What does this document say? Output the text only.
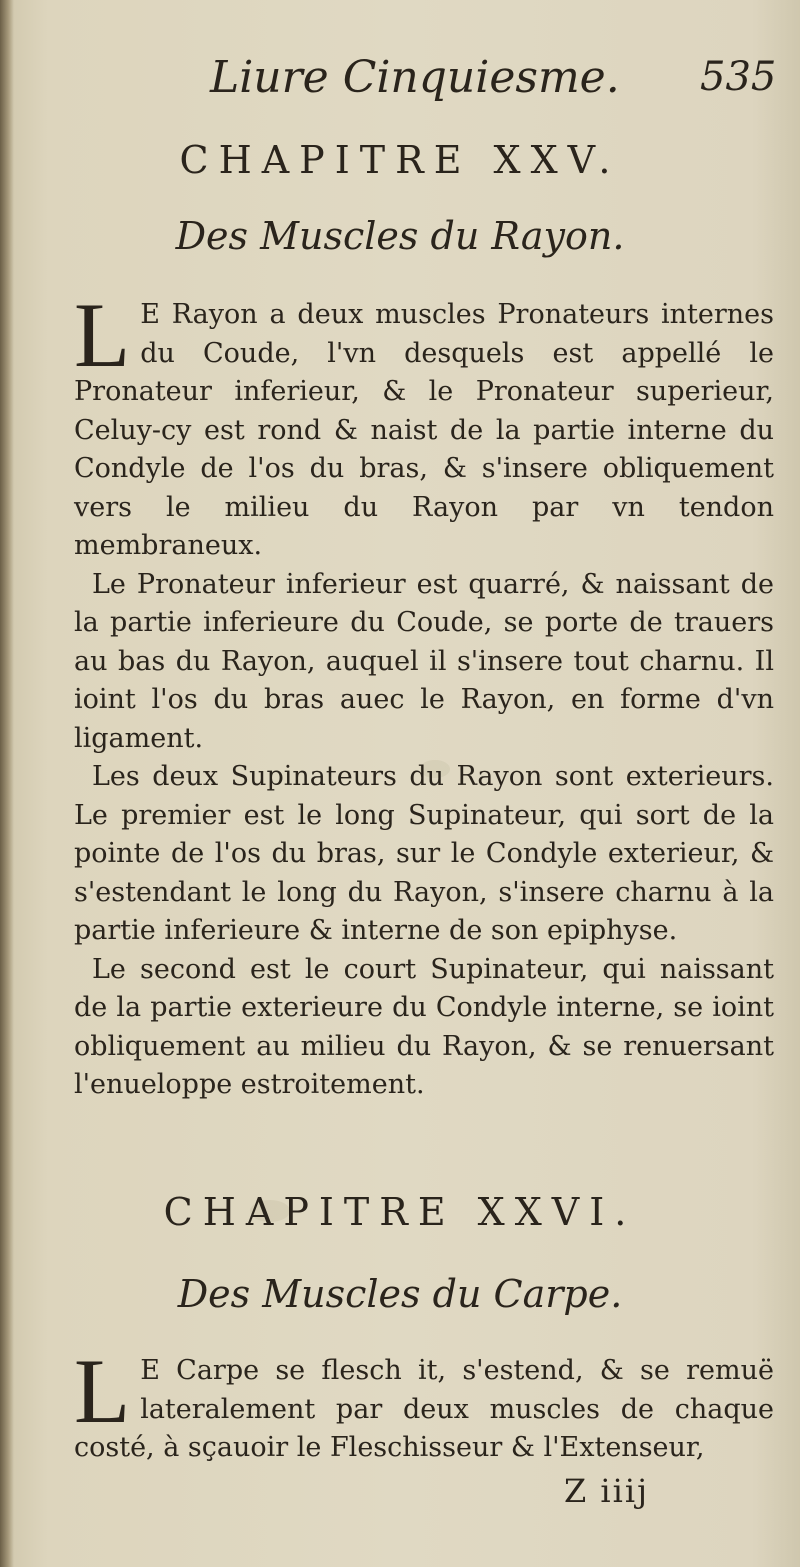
Liure Cinquiesme. 535
CHAPITRE XXV.
Des Muscles du Rayon.

L E Rayon a deux muscles Pronateurs internes du Coude, l'vn desquels est appellé le Pronateur inferieur, & le Pronateur superieur, Celuy-cy est rond & naist de la partie interne du Condyle de l'os du bras, & s'insere obliquement vers le milieu du Rayon par vn tendon membraneux.

Le Pronateur inferieur est quarré, & naissant de la partie inferieure du Coude, se porte de trauers au bas du Rayon, auquel il s'insere tout charnu. Il ioint l'os du bras auec le Rayon, en forme d'vn ligament.

Les deux Supinateurs du Rayon sont exterieurs. Le premier est le long Supinateur, qui sort de la pointe de l'os du bras, sur le Condyle exterieur, & s'estendant le long du Rayon, s'insere charnu à la partie inferieure & interne de son epiphyse.

Le second est le court Supinateur, qui naissant de la partie exterieure du Condyle interne, se ioint obliquement au milieu du Rayon, & se renuersant l'enueloppe estroitement.

CHAPITRE XXVI.
Des Muscles du Carpe.

L E Carpe se flesch it, s'estend, & se remuë lateralement par deux muscles de chaque costé, à sçauoir le Fleschisseur & l'Extenseur,

Z iiij
